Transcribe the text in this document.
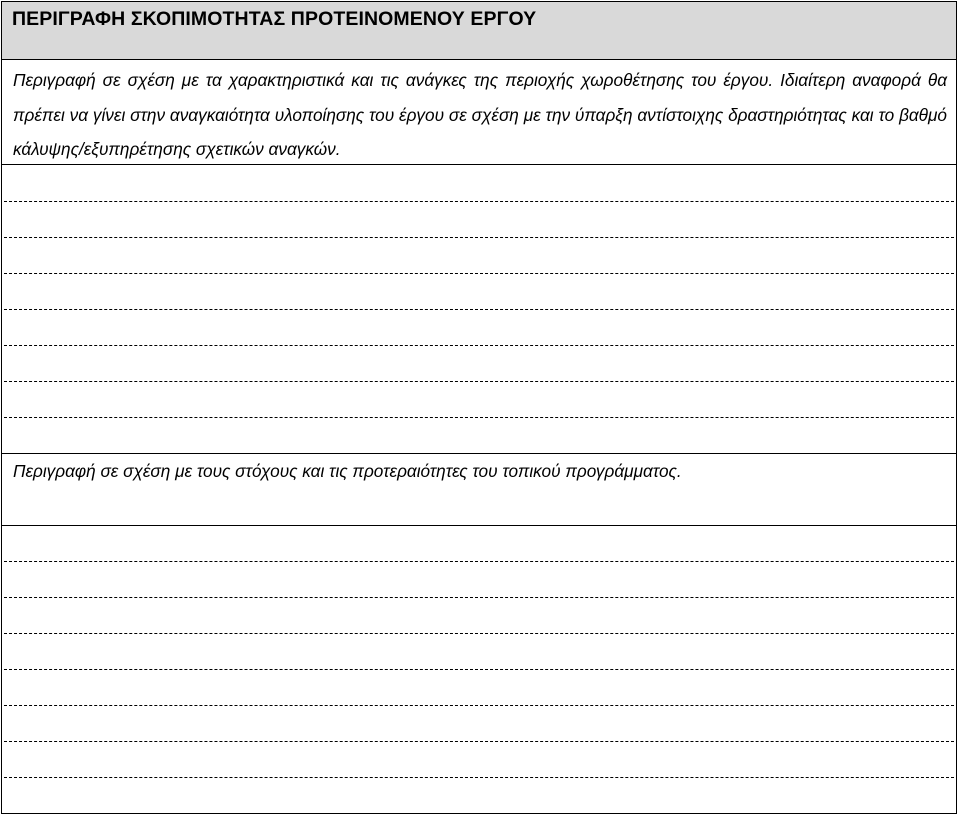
ΠΕΡΙΓΡΑΦΗ ΣΚΟΠΙΜΟΤΗΤΑΣ ΠΡΟΤΕΙΝΟΜΕΝΟΥ ΕΡΓΟΥ
Περιγραφή σε σχέση με τα χαρακτηριστικά και τις ανάγκες της περιοχής χωροθέτησης του έργου. Ιδιαίτερη αναφορά θα πρέπει να γίνει στην αναγκαιότητα υλοποίησης του έργου σε σχέση με την ύπαρξη αντίστοιχης δραστηριότητας και το βαθμό κάλυψης/εξυπηρέτησης σχετικών αναγκών.
Περιγραφή σε σχέση με τους στόχους και τις προτεραιότητες του τοπικού προγράμματος.
